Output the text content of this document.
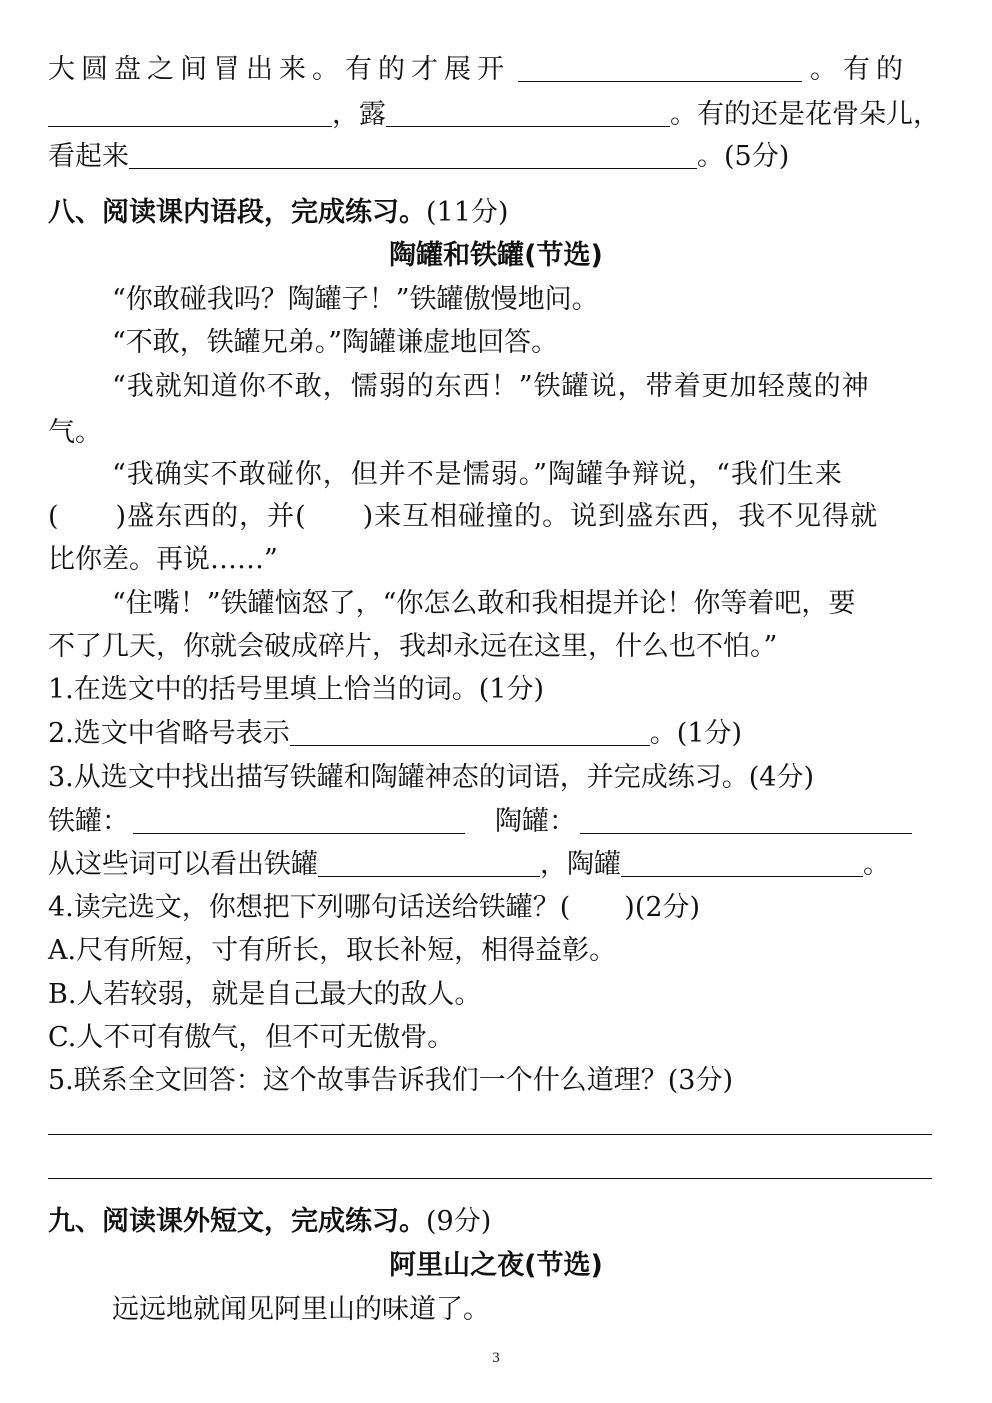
大圆盘之间冒出来。有的才展开	。有的
，露	。有的还是花骨朵儿，
看起来	。(5分)
八、阅读课内语段，完成练习。(11分)
陶罐和铁罐(节选)
“你敢碰我吗？陶罐子！”铁罐傲慢地问。
“不敢，铁罐兄弟。”陶罐谦虚地回答。
“我就知道你不敢，懦弱的东西！”铁罐说，带着更加轻蔑的神
气。
“我确实不敢碰你，但并不是懦弱。”陶罐争辩说，“我们生来
(　　)盛东西的，并(　　)来互相碰撞的。说到盛东西，我不见得就
比你差。再说……”
“住嘴！”铁罐恼怒了，“你怎么敢和我相提并论！你等着吧，要
不了几天，你就会破成碎片，我却永远在这里，什么也不怕。”
1.在选文中的括号里填上恰当的词。(1分)
2.选文中省略号表示	。(1分)
3.从选文中找出描写铁罐和陶罐神态的词语，并完成练习。(4分)
铁罐：	陶罐：
从这些词可以看出铁罐	，陶罐	。
4.读完选文，你想把下列哪句话送给铁罐？(　　)(2分)
A.尺有所短，寸有所长，取长补短，相得益彰。
B.人若较弱，就是自己最大的敌人。
C.人不可有傲气，但不可无傲骨。
5.联系全文回答：这个故事告诉我们一个什么道理？(3分)
九、阅读课外短文，完成练习。(9分)
阿里山之夜(节选)
远远地就闻见阿里山的味道了。
3
